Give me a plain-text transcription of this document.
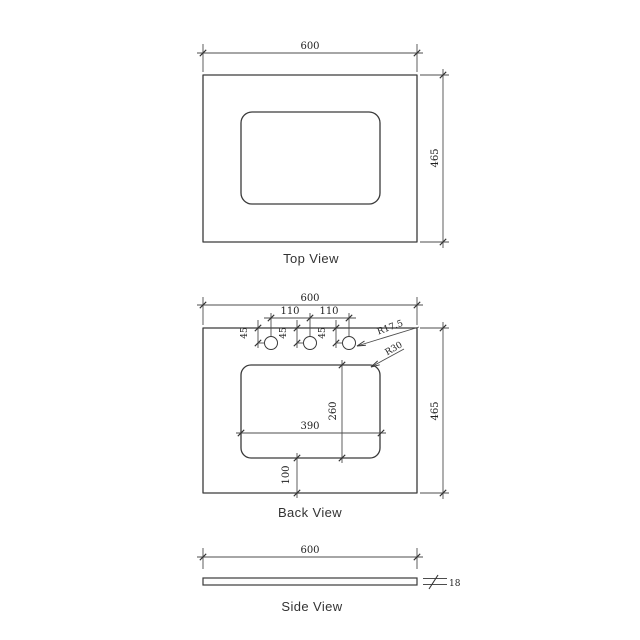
600
465
Top View
600
465
110 110
45	45	45	R17.5
R30
390
260
100
Back View
600
18
Side View
